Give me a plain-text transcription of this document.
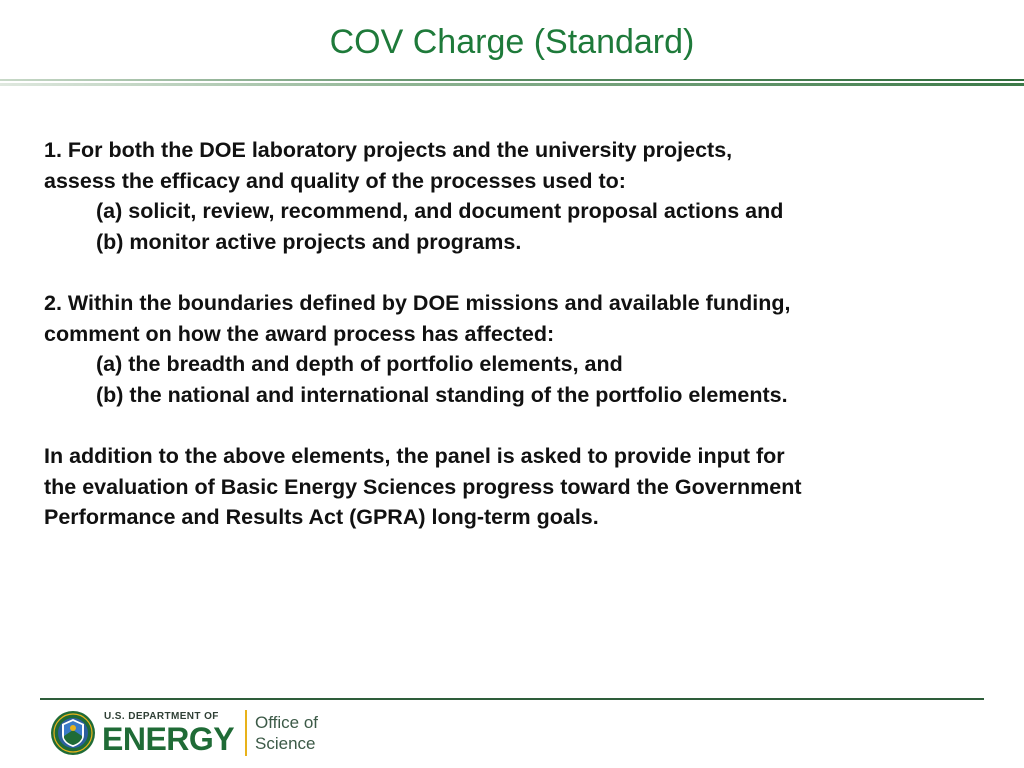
COV Charge (Standard)
1. For both the DOE laboratory projects and the university projects,
assess the efficacy and quality of the processes used to:
(a) solicit, review, recommend, and document proposal actions and
(b) monitor active projects and programs.
2. Within the boundaries defined by DOE missions and available funding,
comment on how the award process has affected:
(a) the breadth and depth of portfolio elements, and
(b) the national and international standing of the portfolio elements.
In addition to the above elements, the panel is asked to provide input for
the evaluation of Basic Energy Sciences progress toward the Government
Performance and Results Act (GPRA) long-term goals.
U.S. DEPARTMENT OF
ENERGY Office of
Science
